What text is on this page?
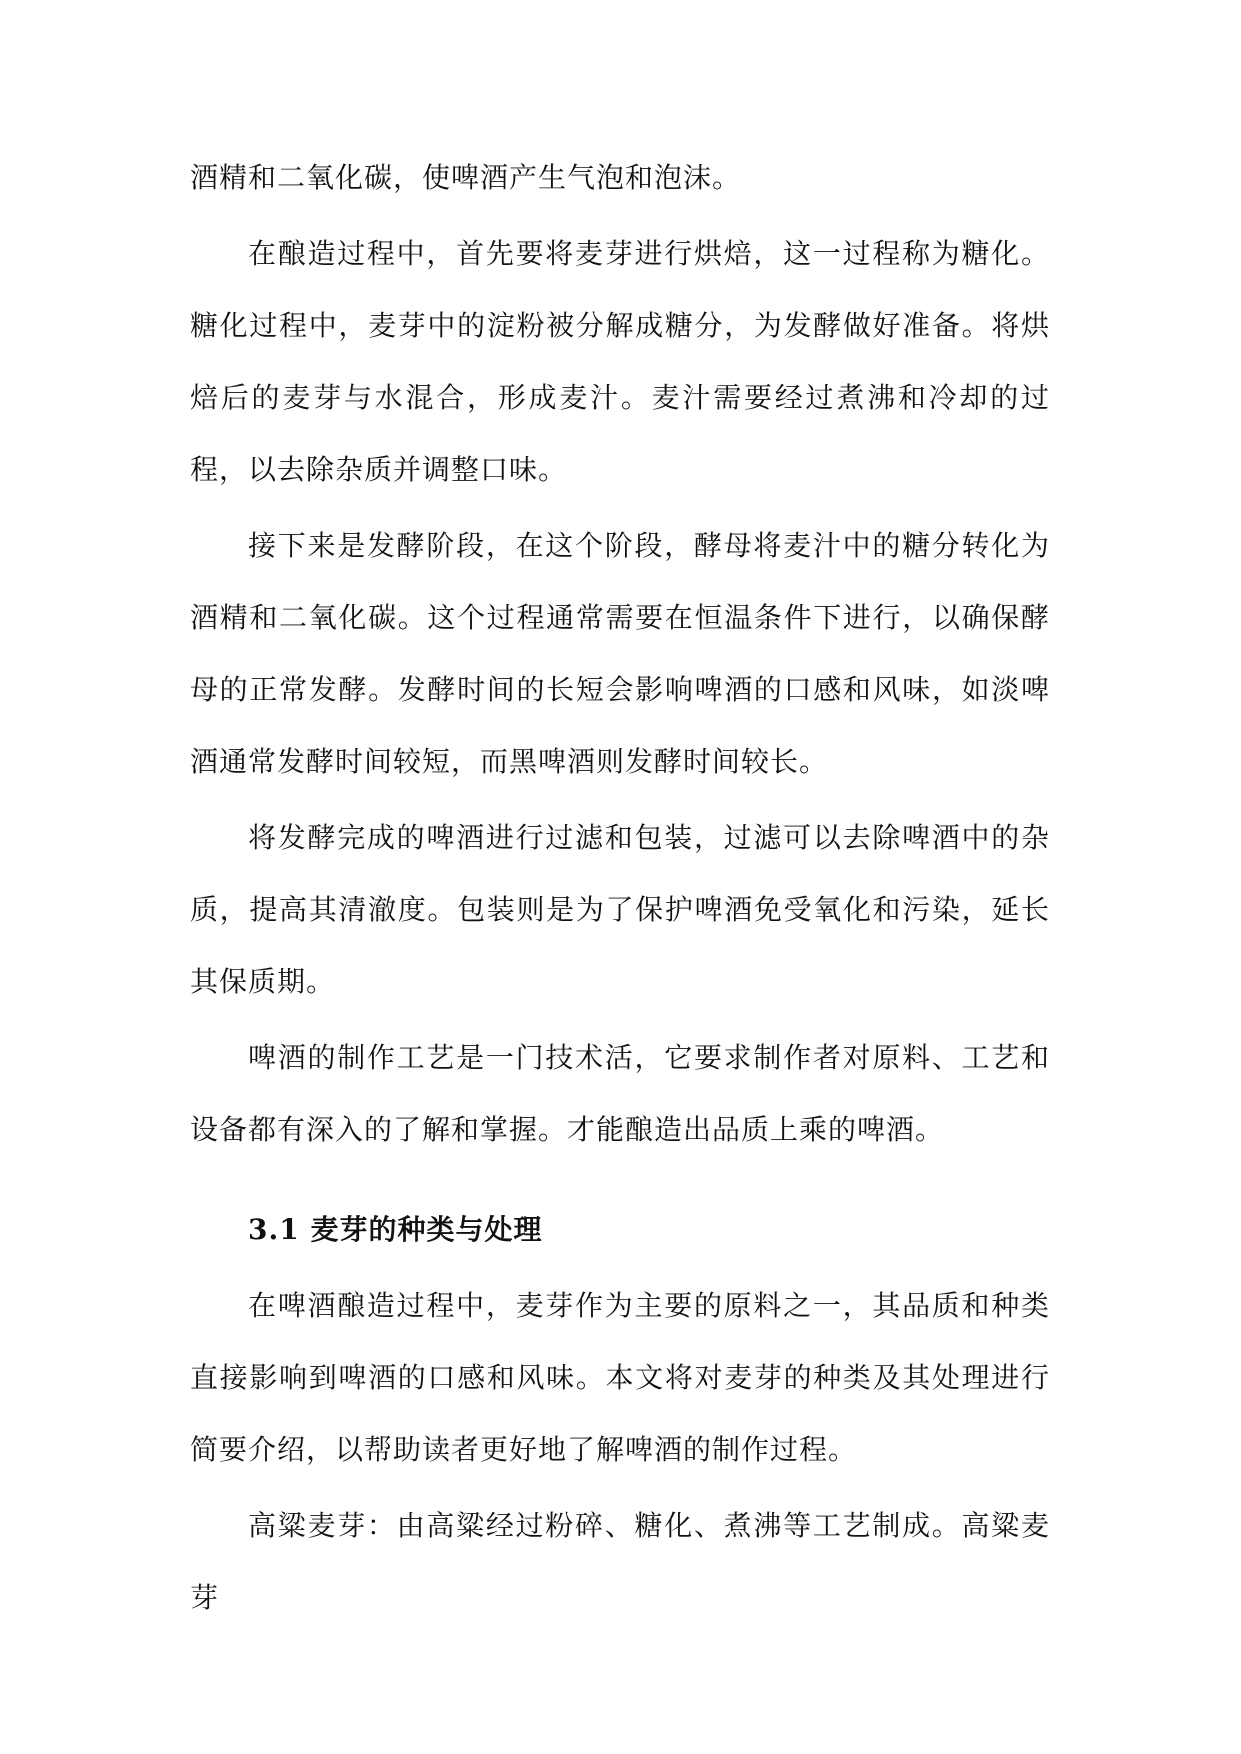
酒精和二氧化碳，使啤酒产生气泡和泡沫。

在酿造过程中，首先要将麦芽进行烘焙，这一过程称为糖化。糖化过程中，麦芽中的淀粉被分解成糖分，为发酵做好准备。将烘焙后的麦芽与水混合，形成麦汁。麦汁需要经过煮沸和冷却的过程，以去除杂质并调整口味。

接下来是发酵阶段，在这个阶段，酵母将麦汁中的糖分转化为酒精和二氧化碳。这个过程通常需要在恒温条件下进行，以确保酵母的正常发酵。发酵时间的长短会影响啤酒的口感和风味，如淡啤酒通常发酵时间较短，而黑啤酒则发酵时间较长。

将发酵完成的啤酒进行过滤和包装，过滤可以去除啤酒中的杂质，提高其清澈度。包装则是为了保护啤酒免受氧化和污染，延长其保质期。

啤酒的制作工艺是一门技术活，它要求制作者对原料、工艺和设备都有深入的了解和掌握。才能酿造出品质上乘的啤酒。

3.1 麦芽的种类与处理

在啤酒酿造过程中，麦芽作为主要的原料之一，其品质和种类直接影响到啤酒的口感和风味。本文将对麦芽的种类及其处理进行简要介绍，以帮助读者更好地了解啤酒的制作过程。

高粱麦芽：由高粱经过粉碎、糖化、煮沸等工艺制成。高粱麦芽
